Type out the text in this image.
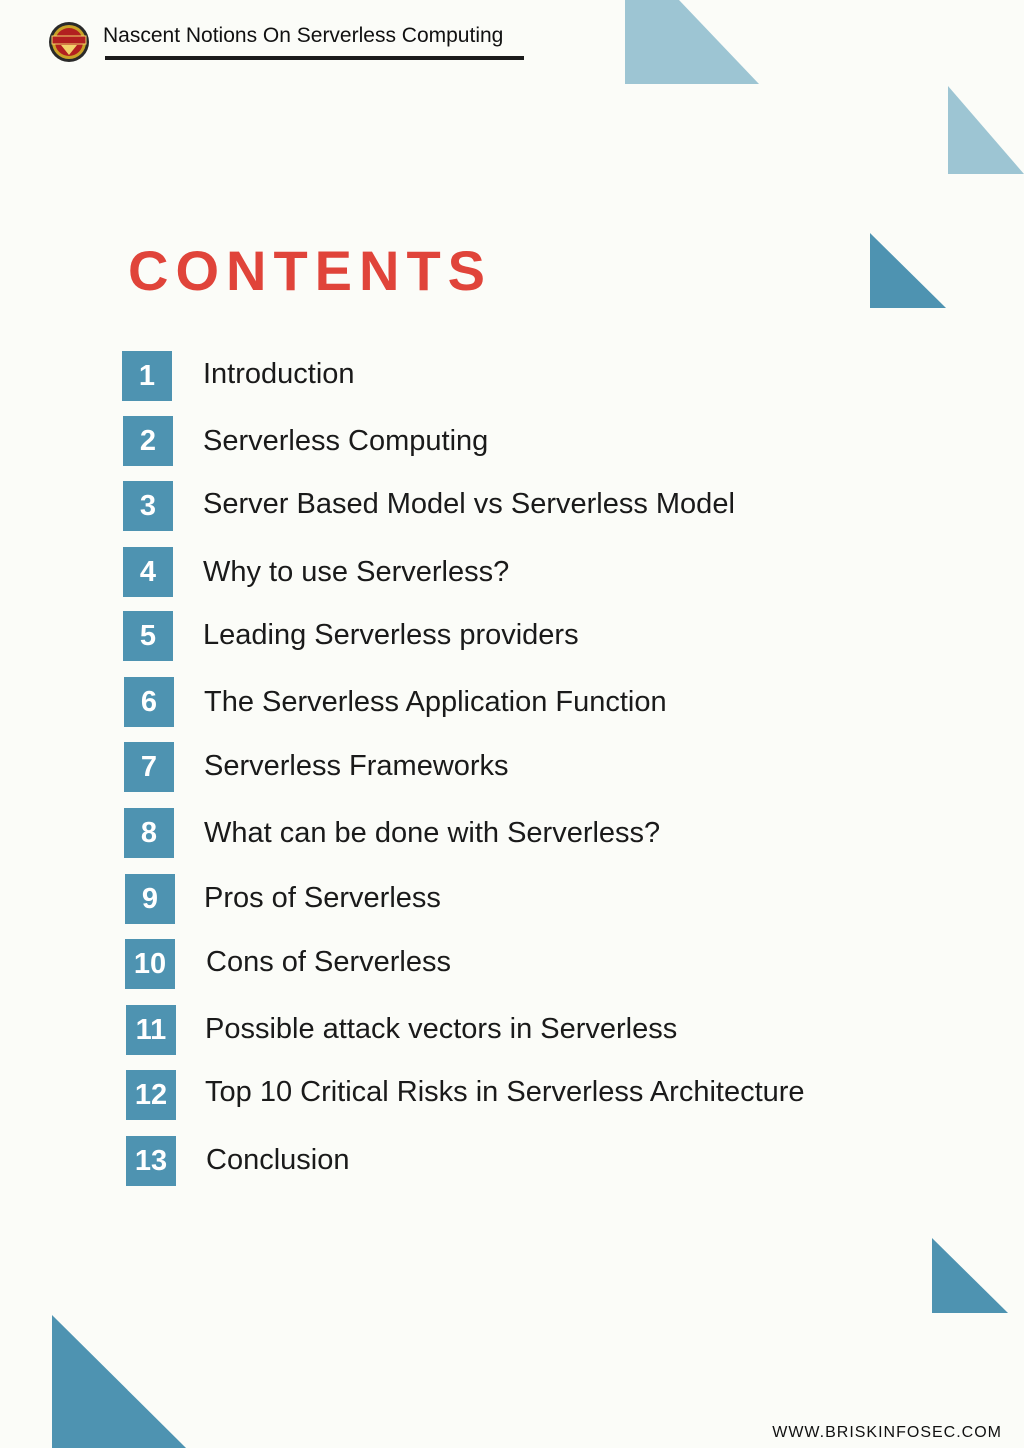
Nascent Notions On Serverless Computing
CONTENTS
1	Introduction
2	Serverless Computing
3	Server Based Model vs Serverless Model
4	Why to use Serverless?
5	Leading Serverless providers
6	The Serverless Application Function
7	Serverless Frameworks
8	What can be done with Serverless?
9	Pros of Serverless
10	Cons of Serverless
11	Possible attack vectors in Serverless
12	Top 10 Critical Risks in Serverless Architecture
13	Conclusion
WWW.BRISKINFOSEC.COM
